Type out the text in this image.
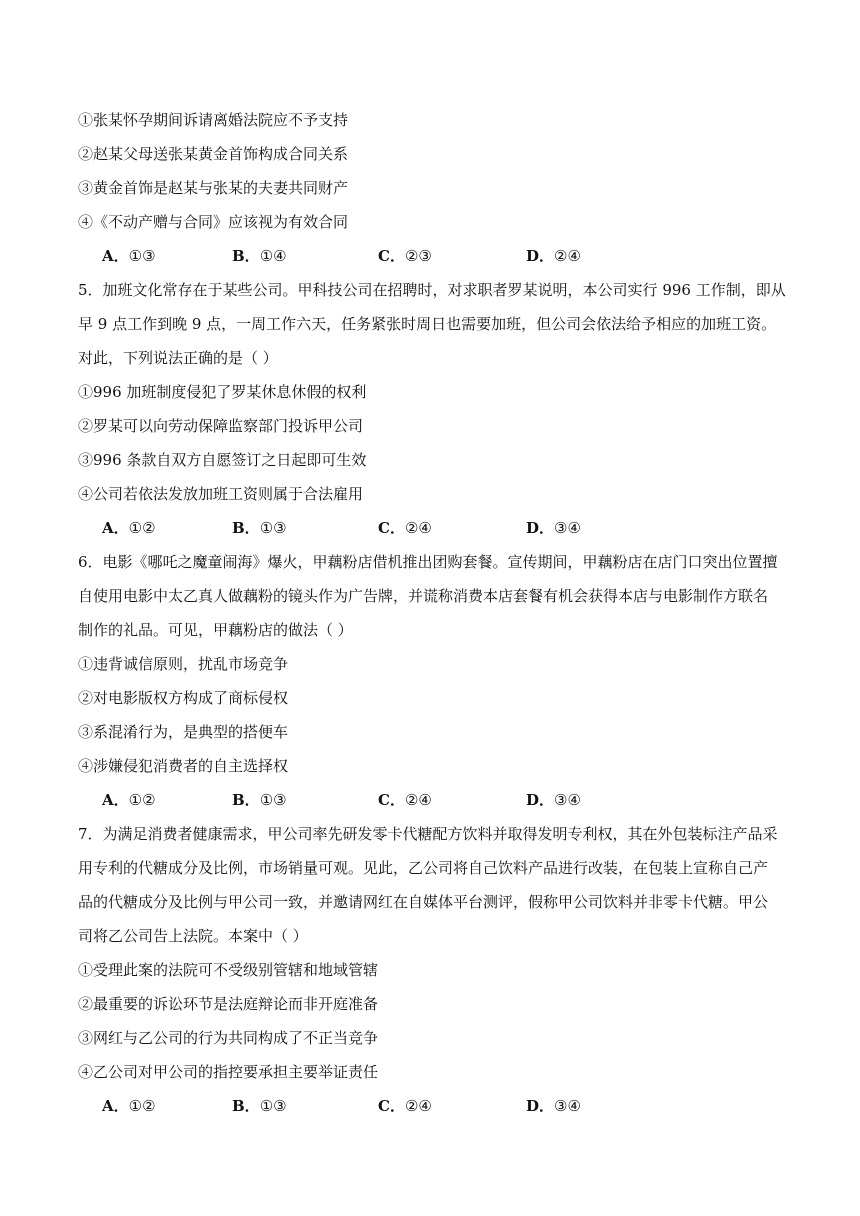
①张某怀孕期间诉请离婚法院应不予支持
②赵某父母送张某黄金首饰构成合同关系
③黄金首饰是赵某与张某的夫妻共同财产
④《不动产赠与合同》应该视为有效合同
A．①③	B．①④	C．②③	D．②④
5．加班文化常存在于某些公司。甲科技公司在招聘时，对求职者罗某说明，本公司实行 996 工作制，即从
早 9 点工作到晚 9 点，一周工作六天，任务紧张时周日也需要加班，但公司会依法给予相应的加班工资。
对此，下列说法正确的是（ ）
①996 加班制度侵犯了罗某休息休假的权利
②罗某可以向劳动保障监察部门投诉甲公司
③996 条款自双方自愿签订之日起即可生效
④公司若依法发放加班工资则属于合法雇用
A．①②	B．①③	C．②④	D．③④
6．电影《哪吒之魔童闹海》爆火，甲藕粉店借机推出团购套餐。宣传期间，甲藕粉店在店门口突出位置擅
自使用电影中太乙真人做藕粉的镜头作为广告牌，并谎称消费本店套餐有机会获得本店与电影制作方联名
制作的礼品。可见，甲藕粉店的做法（ ）
①违背诚信原则，扰乱市场竞争
②对电影版权方构成了商标侵权
③系混淆行为，是典型的搭便车
④涉嫌侵犯消费者的自主选择权
A．①②	B．①③	C．②④	D．③④
7．为满足消费者健康需求，甲公司率先研发零卡代糖配方饮料并取得发明专利权，其在外包装标注产品采
用专利的代糖成分及比例，市场销量可观。见此，乙公司将自己饮料产品进行改装，在包装上宣称自己产
品的代糖成分及比例与甲公司一致，并邀请网红在自媒体平台测评，假称甲公司饮料并非零卡代糖。甲公
司将乙公司告上法院。本案中（ ）
①受理此案的法院可不受级别管辖和地域管辖
②最重要的诉讼环节是法庭辩论而非开庭准备
③网红与乙公司的行为共同构成了不正当竞争
④乙公司对甲公司的指控要承担主要举证责任
A．①②	B．①③	C．②④	D．③④
